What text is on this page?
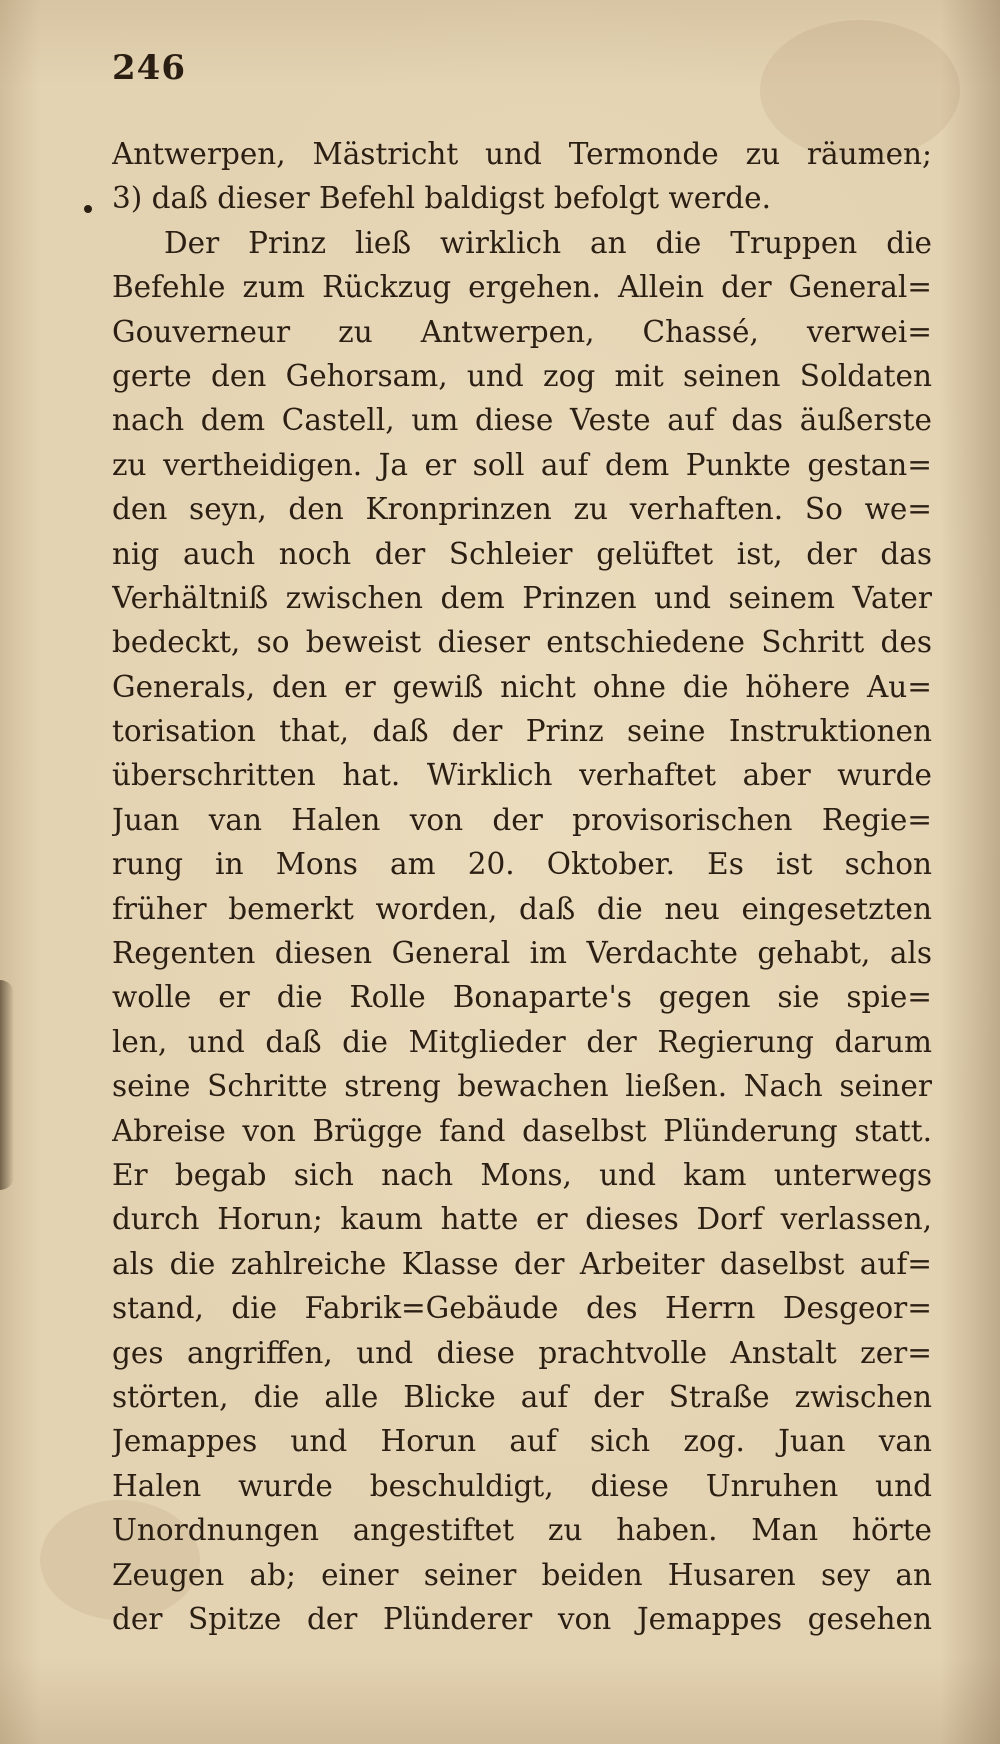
246
Antwerpen, Mästricht und Termonde zu räumen;
3) daß dieser Befehl baldigst befolgt werde.
Der Prinz ließ wirklich an die Truppen die
Befehle zum Rückzug ergehen. Allein der General=
Gouverneur zu Antwerpen, Chassé, verwei=
gerte den Gehorsam, und zog mit seinen Soldaten
nach dem Castell, um diese Veste auf das äußerste
zu vertheidigen. Ja er soll auf dem Punkte gestan=
den seyn, den Kronprinzen zu verhaften. So we=
nig auch noch der Schleier gelüftet ist, der das
Verhältniß zwischen dem Prinzen und seinem Vater
bedeckt, so beweist dieser entschiedene Schritt des
Generals, den er gewiß nicht ohne die höhere Au=
torisation that, daß der Prinz seine Instruktionen
überschritten hat. Wirklich verhaftet aber wurde
Juan van Halen von der provisorischen Regie=
rung in Mons am 20. Oktober. Es ist schon
früher bemerkt worden, daß die neu eingesetzten
Regenten diesen General im Verdachte gehabt, als
wolle er die Rolle Bonaparte's gegen sie spie=
len, und daß die Mitglieder der Regierung darum
seine Schritte streng bewachen ließen. Nach seiner
Abreise von Brügge fand daselbst Plünderung statt.
Er begab sich nach Mons, und kam unterwegs
durch Horun; kaum hatte er dieses Dorf verlassen,
als die zahlreiche Klasse der Arbeiter daselbst auf=
stand, die Fabrik=Gebäude des Herrn Desgeor=
ges angriffen, und diese prachtvolle Anstalt zer=
störten, die alle Blicke auf der Straße zwischen
Jemappes und Horun auf sich zog. Juan van
Halen wurde beschuldigt, diese Unruhen und
Unordnungen angestiftet zu haben. Man hörte
Zeugen ab; einer seiner beiden Husaren sey an
der Spitze der Plünderer von Jemappes gesehen
